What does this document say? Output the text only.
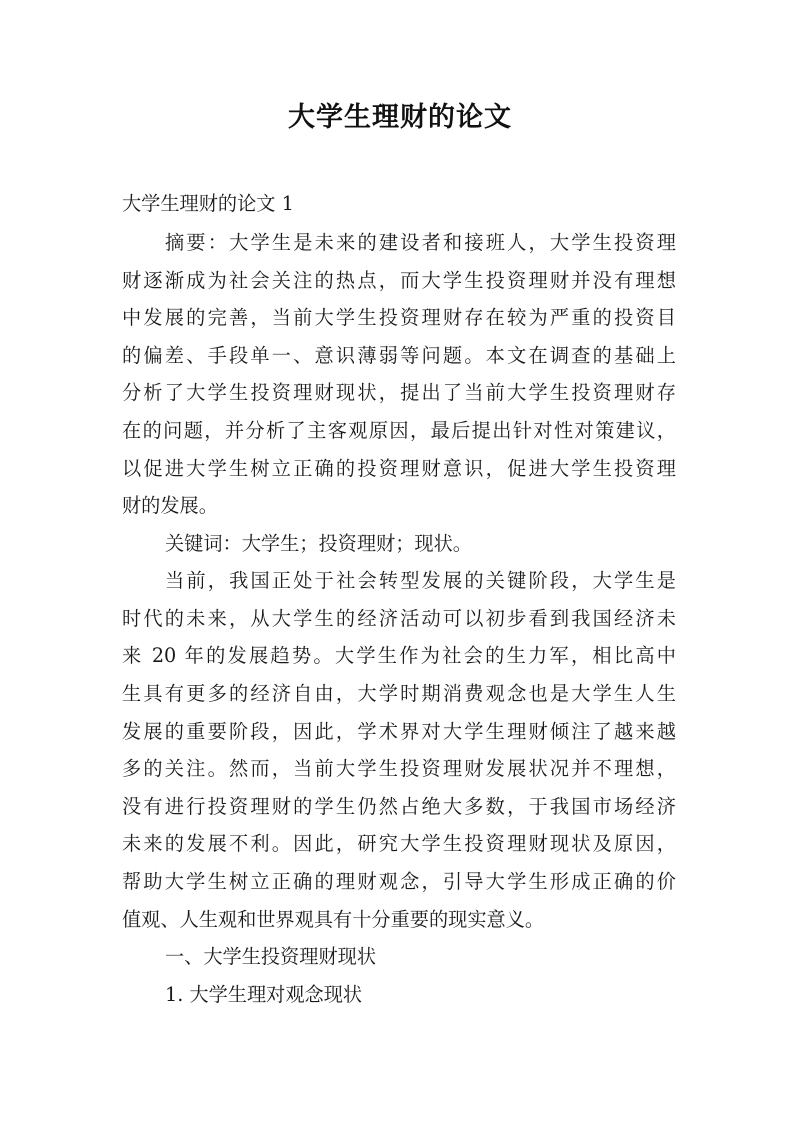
大学生理财的论文
大学生理财的论文 1
摘要：大学生是未来的建设者和接班人，大学生投资理
财逐渐成为社会关注的热点，而大学生投资理财并没有理想
中发展的完善，当前大学生投资理财存在较为严重的投资目
的偏差、手段单一、意识薄弱等问题。本文在调查的基础上
分析了大学生投资理财现状，提出了当前大学生投资理财存
在的问题，并分析了主客观原因，最后提出针对性对策建议，
以促进大学生树立正确的投资理财意识，促进大学生投资理
财的发展。
关键词：大学生；投资理财；现状。
当前，我国正处于社会转型发展的关键阶段，大学生是
时代的未来，从大学生的经济活动可以初步看到我国经济未
来 20 年的发展趋势。大学生作为社会的生力军，相比高中
生具有更多的经济自由，大学时期消费观念也是大学生人生
发展的重要阶段，因此，学术界对大学生理财倾注了越来越
多的关注。然而，当前大学生投资理财发展状况并不理想，
没有进行投资理财的学生仍然占绝大多数，于我国市场经济
未来的发展不利。因此，研究大学生投资理财现状及原因，
帮助大学生树立正确的理财观念，引导大学生形成正确的价
值观、人生观和世界观具有十分重要的现实意义。
一、大学生投资理财现状
1. 大学生理对观念现状
